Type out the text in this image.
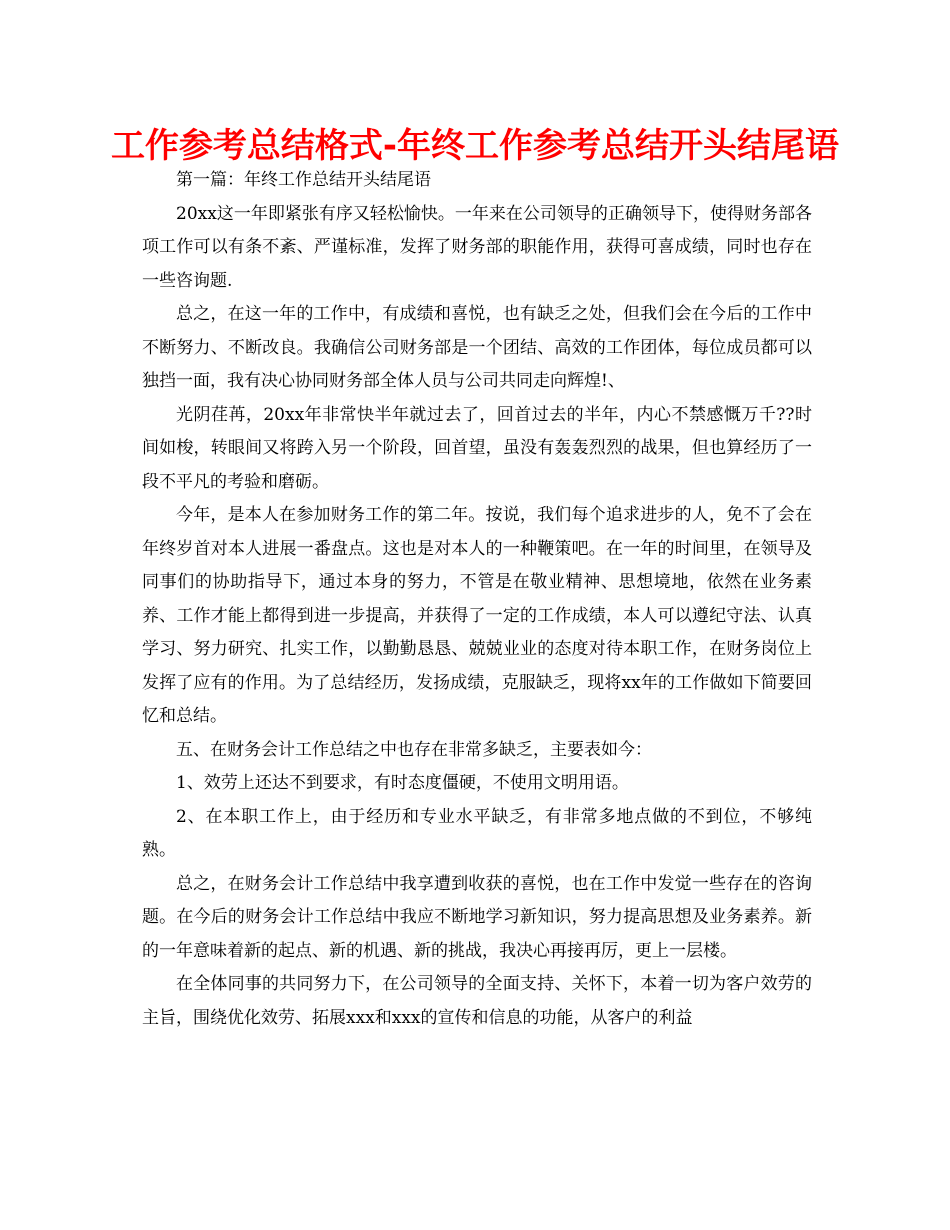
工作参考总结格式-年终工作参考总结开头结尾语

第一篇：年终工作总结开头结尾语

20xx这一年即紧张有序又轻松愉快。一年来在公司领导的正确领导下，使得财务部各项工作可以有条不紊、严谨标准，发挥了财务部的职能作用，获得可喜成绩，同时也存在一些咨询题.

总之，在这一年的工作中，有成绩和喜悦，也有缺乏之处，但我们会在今后的工作中不断努力、不断改良。我确信公司财务部是一个团结、高效的工作团体，每位成员都可以独挡一面，我有决心协同财务部全体人员与公司共同走向辉煌!、

光阴荏苒，20xx年非常快半年就过去了，回首过去的半年，内心不禁感慨万千??时间如梭，转眼间又将跨入另一个阶段，回首望，虽没有轰轰烈烈的战果，但也算经历了一段不平凡的考验和磨砺。

今年，是本人在参加财务工作的第二年。按说，我们每个追求进步的人，免不了会在年终岁首对本人进展一番盘点。这也是对本人的一种鞭策吧。在一年的时间里，在领导及同事们的协助指导下，通过本身的努力，不管是在敬业精神、思想境地，依然在业务素养、工作才能上都得到进一步提高，并获得了一定的工作成绩，本人可以遵纪守法、认真学习、努力研究、扎实工作，以勤勤恳恳、兢兢业业的态度对待本职工作，在财务岗位上发挥了应有的作用。为了总结经历，发扬成绩，克服缺乏，现将xx年的工作做如下简要回忆和总结。

五、在财务会计工作总结之中也存在非常多缺乏，主要表如今：

1、效劳上还达不到要求，有时态度僵硬，不使用文明用语。

2、在本职工作上，由于经历和专业水平缺乏，有非常多地点做的不到位，不够纯熟。

总之，在财务会计工作总结中我享遭到收获的喜悦，也在工作中发觉一些存在的咨询题。在今后的财务会计工作总结中我应不断地学习新知识，努力提高思想及业务素养。新的一年意味着新的起点、新的机遇、新的挑战，我决心再接再厉，更上一层楼。

在全体同事的共同努力下，在公司领导的全面支持、关怀下，本着一切为客户效劳的主旨，围绕优化效劳、拓展xxx和xxx的宣传和信息的功能，从客户的利益
